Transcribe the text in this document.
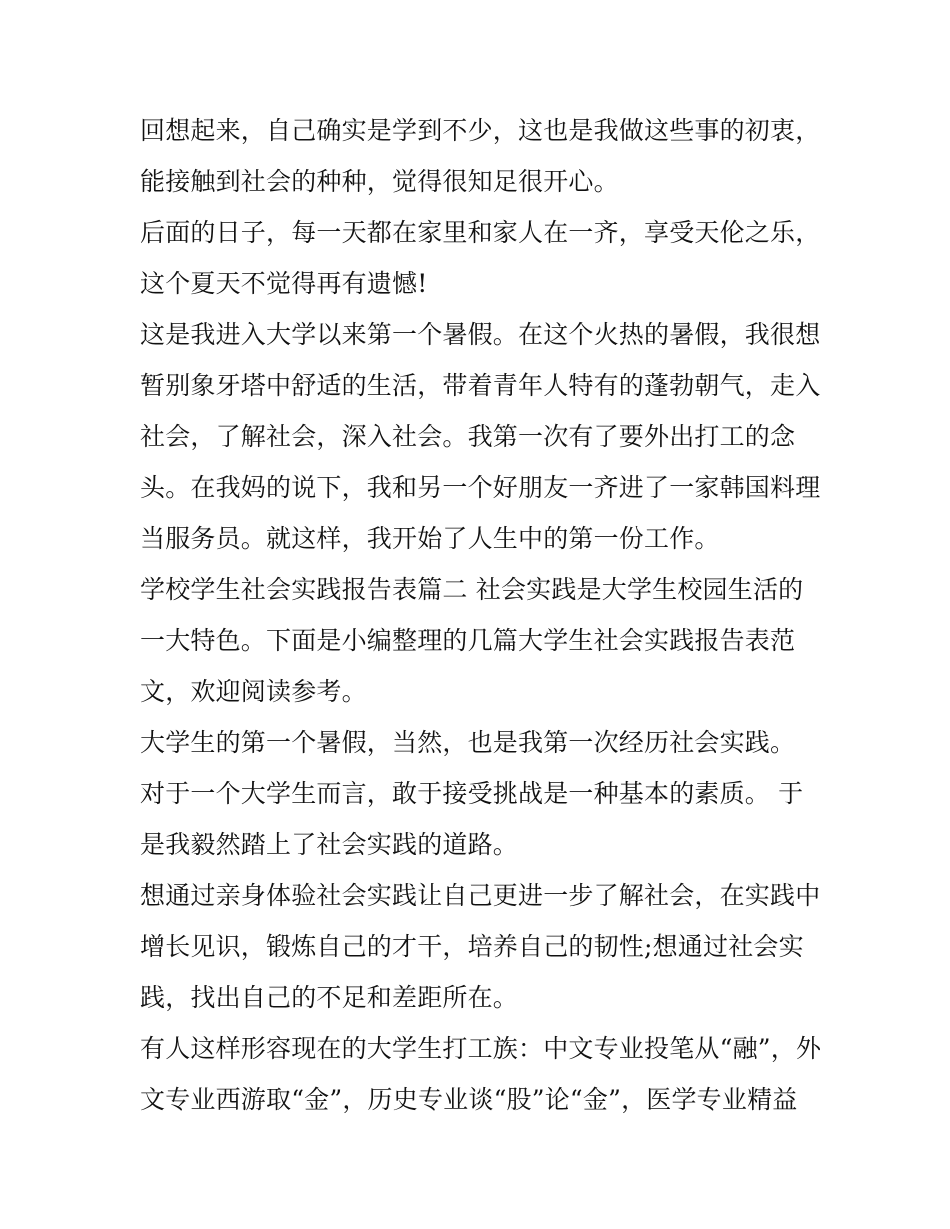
回想起来，自己确实是学到不少，这也是我做这些事的初衷，
能接触到社会的种种，觉得很知足很开心。
后面的日子，每一天都在家里和家人在一齐，享受天伦之乐，
这个夏天不觉得再有遗憾!
这是我进入大学以来第一个暑假。在这个火热的暑假，我很想
暂别象牙塔中舒适的生活，带着青年人特有的蓬勃朝气，走入
社会，了解社会，深入社会。我第一次有了要外出打工的念
头。在我妈的说下，我和另一个好朋友一齐进了一家韩国料理
当服务员。就这样，我开始了人生中的第一份工作。
学校学生社会实践报告表篇二 社会实践是大学生校园生活的
一大特色。下面是小编整理的几篇大学生社会实践报告表范
文，欢迎阅读参考。
大学生的第一个暑假，当然，也是我第一次经历社会实践。
对于一个大学生而言，敢于接受挑战是一种基本的素质。 于
是我毅然踏上了社会实践的道路。
想通过亲身体验社会实践让自己更进一步了解社会，在实践中
增长见识，锻炼自己的才干，培养自己的韧性;想通过社会实
践，找出自己的不足和差距所在。
有人这样形容现在的大学生打工族：中文专业投笔从“融”，外
文专业西游取“金”，历史专业谈“股”论“金”，医学专业精益
